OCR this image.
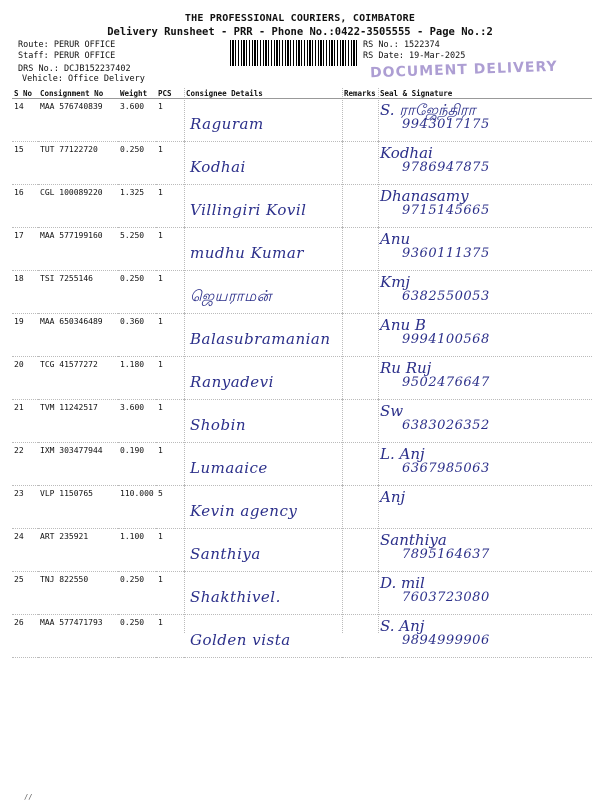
THE PROFESSIONAL COURIERS, COIMBATORE
Delivery Runsheet - PRR - Phone No.:0422-3505555 - Page No.:2
Route: PERUR OFFICE
Staff: PERUR OFFICE
DRS No.: DCJB152237402
Vehicle: Office Delivery
RS No.: 1522374
RS Date: 19-Mar-2025
DOCUMENT DELIVERY
S No	Consignment No	Weight	PCS	Consignee Details	Remarks	Seal & Signature
14	MAA 576740839	3.600	1	Raguram		S. ராஜேந்திரா
9943017175

15	TUT 77122720	0.250	1	Kodhai		Kodhai
9786947875

16	CGL 100089220	1.325	1	Villingiri Kovil		Dhanasamy
9715145665

17	MAA 577199160	5.250	1	mudhu Kumar		Anu
9360111375

18	TSI 7255146	0.250	1	ஜெயராமன்		Kmj
6382550053

19	MAA 650346489	0.360	1	Balasubramanian		Anu B
9994100568

20	TCG 41577272	1.180	1	Ranyadevi		Ru Ruj
9502476647

21	TVM 11242517	3.600	1	Shobin		Sw
6383026352

22	IXM 303477944	0.190	1	Lumaaice		L. Anj
6367985063

23	VLP 1150765	110.000	5	Kevin agency		Anj

24	ART 235921	1.100	1	Santhiya		Santhiya
7895164637

25	TNJ 822550	0.250	1	Shakthivel.		D. mil
7603723080

26	MAA 577471793	0.250	1	Golden vista		S. Anj
9894999906
//
